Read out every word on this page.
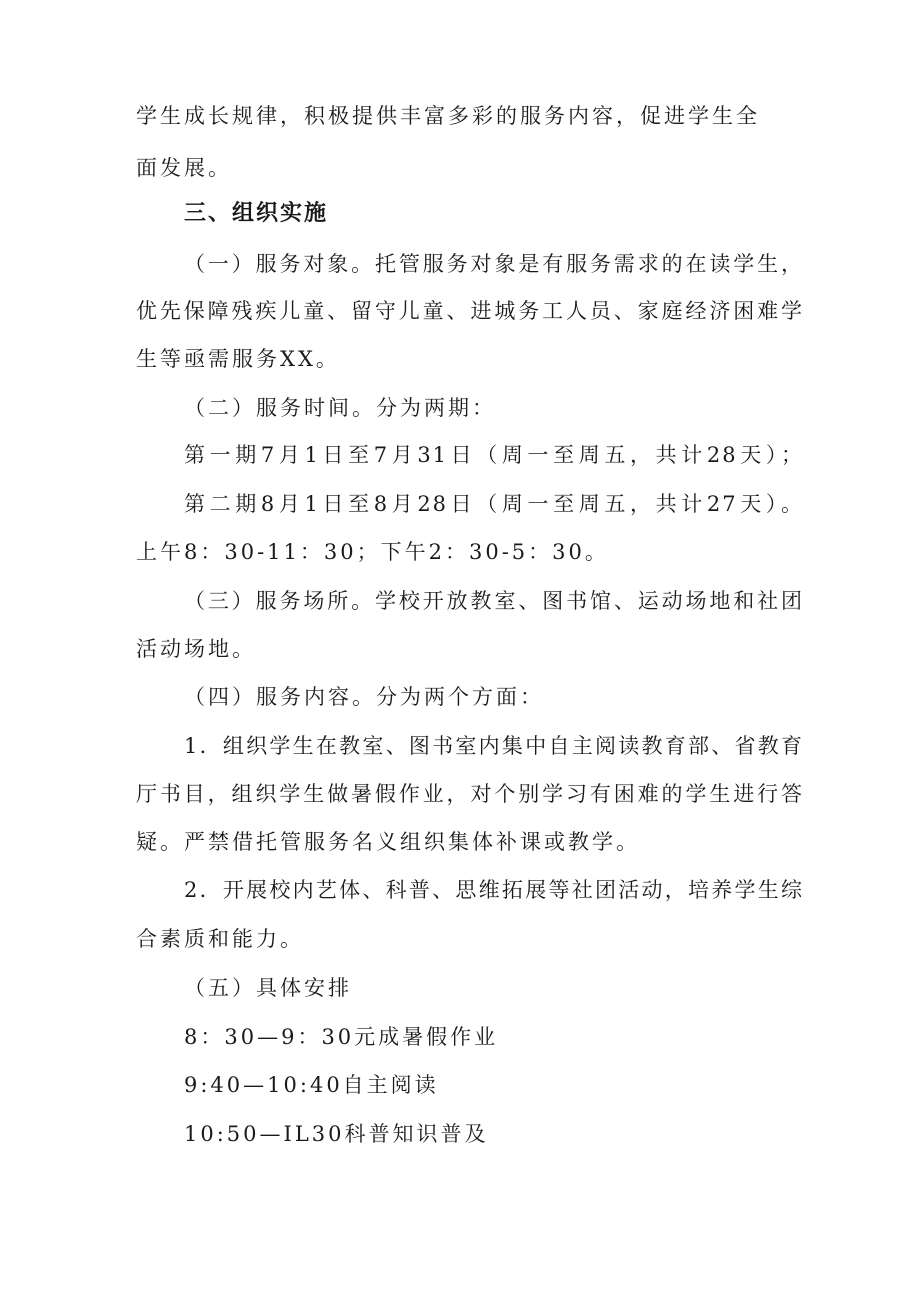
学生成长规律，积极提供丰富多彩的服务内容，促进学生全
面发展。
三、组织实施
（一）服务对象。托管服务对象是有服务需求的在读学生，
优先保障残疾儿童、留守儿童、进城务工人员、家庭经济困难学
生等亟需服务XX。
（二）服务时间。分为两期：
第一期7月1日至7月31日（周一至周五，共计28天）；
第二期8月1日至8月28日（周一至周五，共计27天）。
上午8：30-11：30；下午2：30-5：30。
（三）服务场所。学校开放教室、图书馆、运动场地和社团
活动场地。
（四）服务内容。分为两个方面：
1．组织学生在教室、图书室内集中自主阅读教育部、省教育
厅书目，组织学生做暑假作业，对个别学习有困难的学生进行答
疑。严禁借托管服务名义组织集体补课或教学。
2．开展校内艺体、科普、思维拓展等社团活动，培养学生综
合素质和能力。
（五）具体安排
8：30—9：30元成暑假作业
9:40—10:40自主阅读
10:50—IL30科普知识普及
